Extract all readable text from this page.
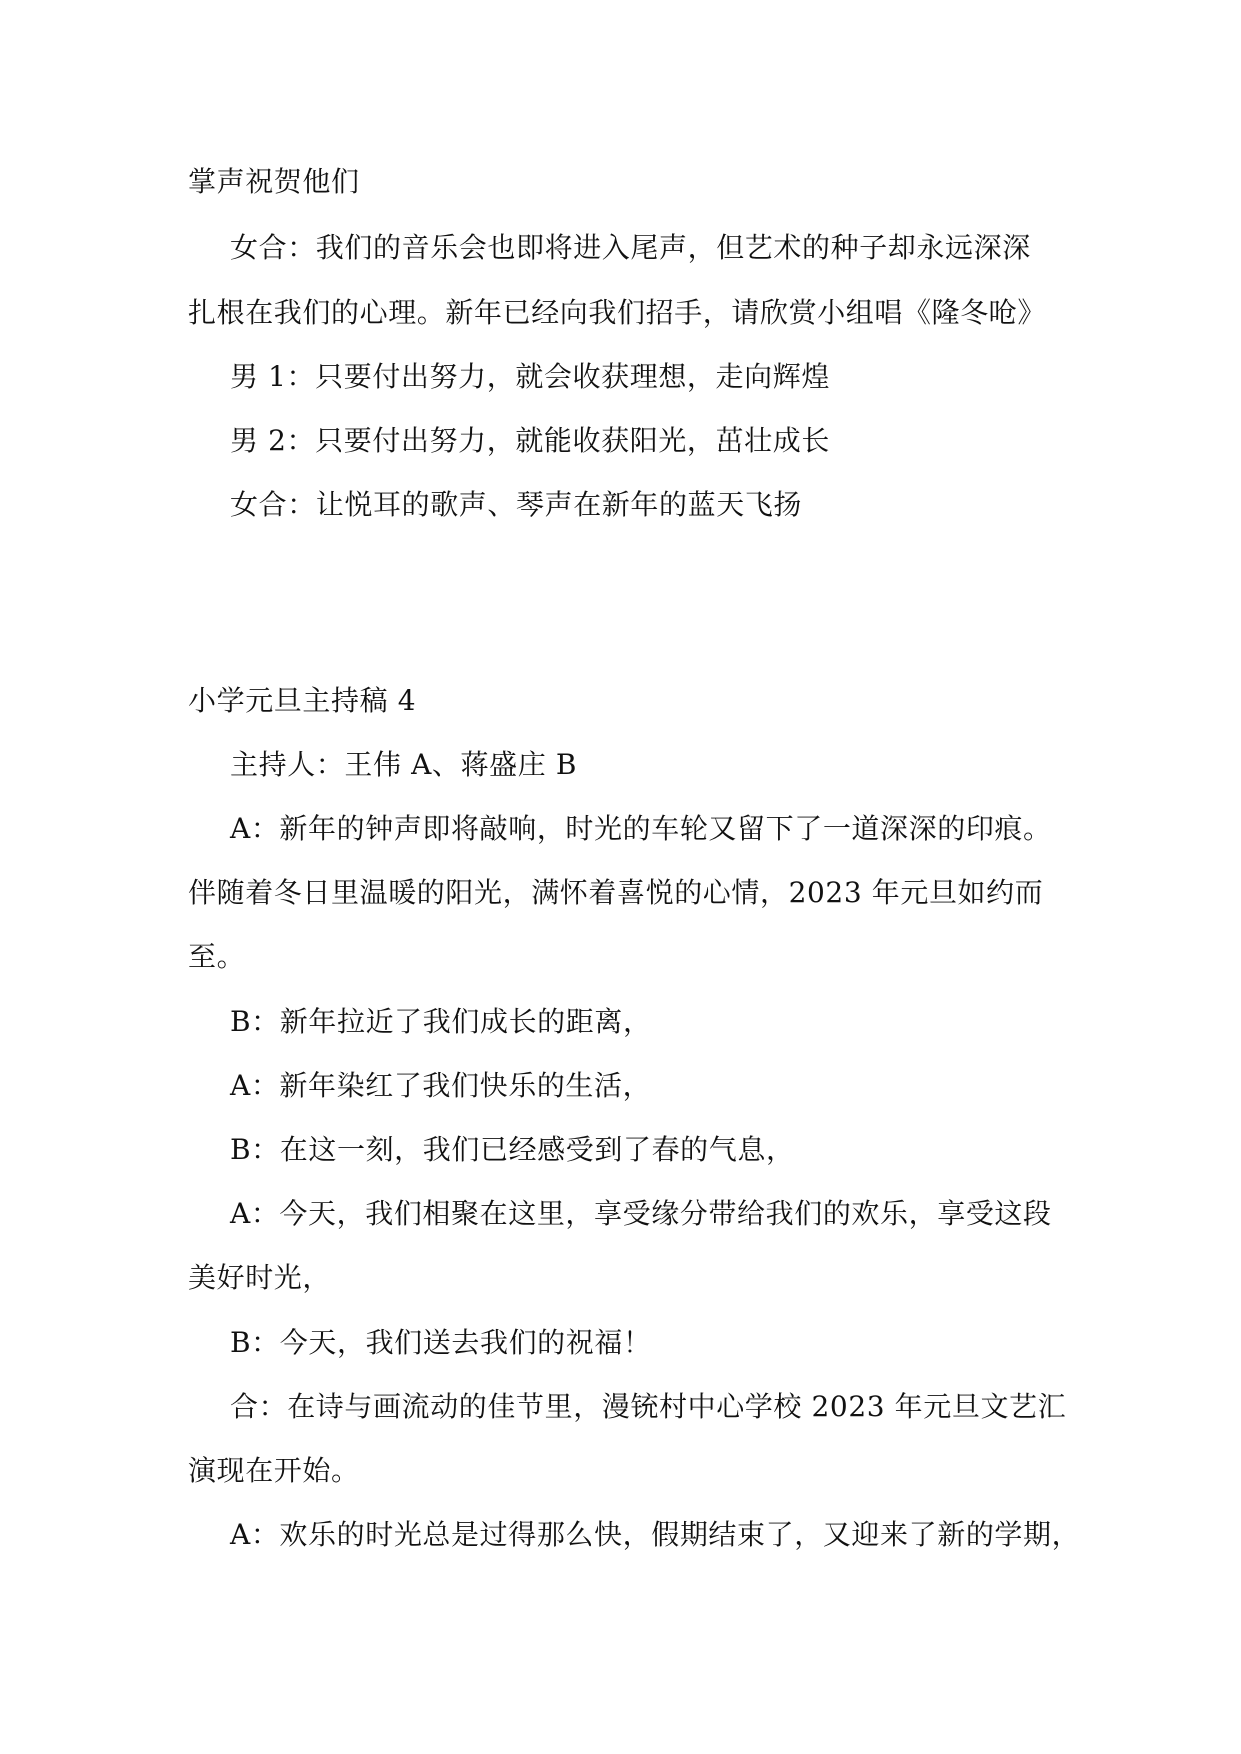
掌声祝贺他们
女合：我们的音乐会也即将进入尾声，但艺术的种子却永远深深
扎根在我们的心理。新年已经向我们招手，请欣赏小组唱《隆冬呛》
男 1：只要付出努力，就会收获理想，走向辉煌
男 2：只要付出努力，就能收获阳光，茁壮成长
女合：让悦耳的歌声、琴声在新年的蓝天飞扬
小学元旦主持稿 4
主持人：王伟 A、蒋盛庄 B
A：新年的钟声即将敲响，时光的车轮又留下了一道深深的印痕。
伴随着冬日里温暖的阳光，满怀着喜悦的心情，2023 年元旦如约而
至。
B：新年拉近了我们成长的距离，
A：新年染红了我们快乐的生活，
B：在这一刻，我们已经感受到了春的气息，
A：今天，我们相聚在这里，享受缘分带给我们的欢乐，享受这段
美好时光，
B：今天，我们送去我们的祝福！
合：在诗与画流动的佳节里，漫铳村中心学校 2023 年元旦文艺汇
演现在开始。
A：欢乐的时光总是过得那么快，假期结束了，又迎来了新的学期，
